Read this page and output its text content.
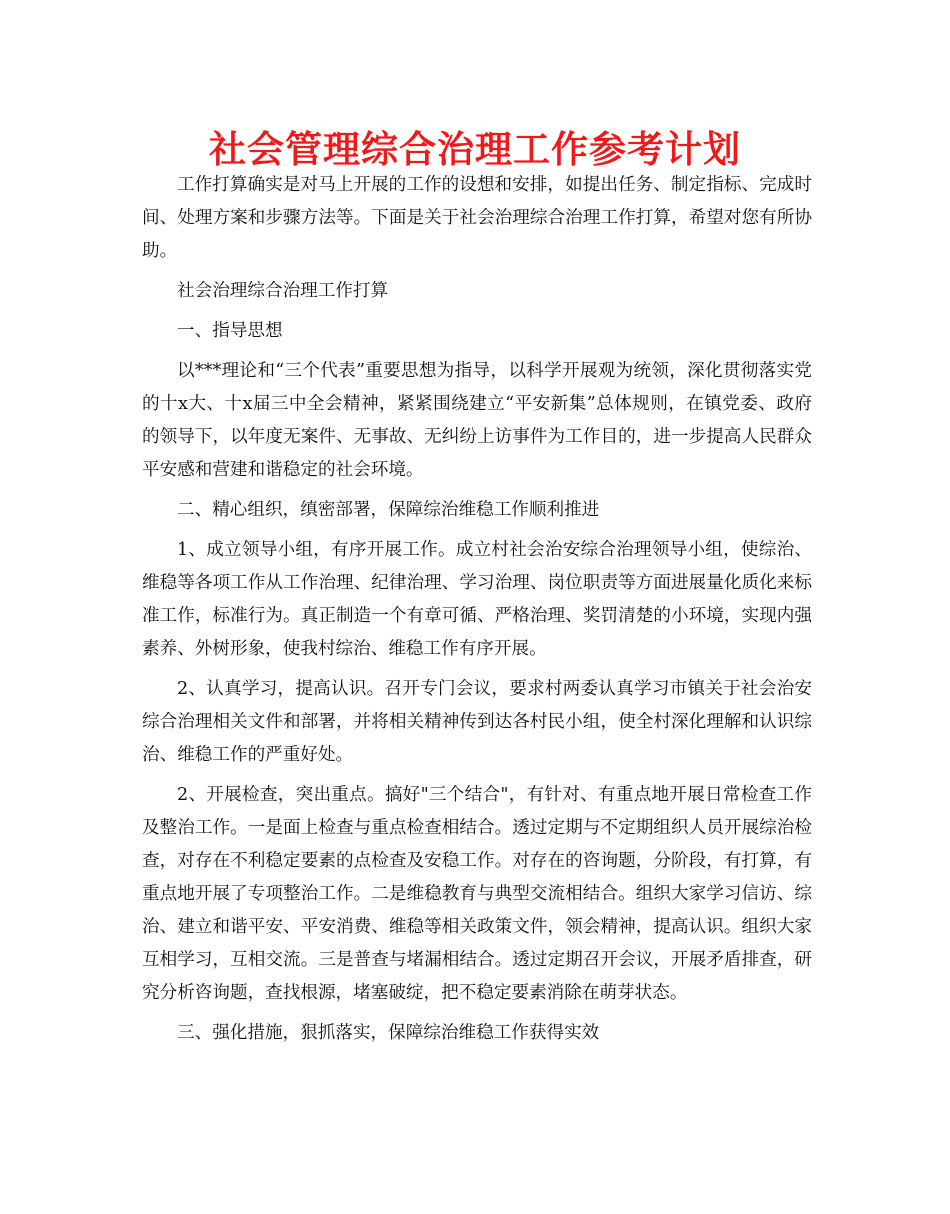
社会管理综合治理工作参考计划

工作打算确实是对马上开展的工作的设想和安排，如提出任务、制定指标、完成时间、处理方案和步骤方法等。下面是关于社会治理综合治理工作打算，希望对您有所协助。

社会治理综合治理工作打算

一、指导思想

以***理论和“三个代表”重要思想为指导，以科学开展观为统领，深化贯彻落实党的十x大、十x届三中全会精神，紧紧围绕建立“平安新集”总体规则，在镇党委、政府的领导下，以年度无案件、无事故、无纠纷上访事件为工作目的，进一步提高人民群众平安感和营建和谐稳定的社会环境。

二、精心组织，缜密部署，保障综治维稳工作顺利推进

1、成立领导小组，有序开展工作。成立村社会治安综合治理领导小组，使综治、维稳等各项工作从工作治理、纪律治理、学习治理、岗位职责等方面进展量化质化来标准工作，标准行为。真正制造一个有章可循、严格治理、奖罚清楚的小环境，实现内强素养、外树形象，使我村综治、维稳工作有序开展。

2、认真学习，提高认识。召开专门会议，要求村两委认真学习市镇关于社会治安综合治理相关文件和部署，并将相关精神传到达各村民小组，使全村深化理解和认识综治、维稳工作的严重好处。

2、开展检查，突出重点。搞好"三个结合"，有针对、有重点地开展日常检查工作及整治工作。一是面上检查与重点检查相结合。透过定期与不定期组织人员开展综治检查，对存在不利稳定要素的点检查及安稳工作。对存在的咨询题，分阶段，有打算，有重点地开展了专项整治工作。二是维稳教育与典型交流相结合。组织大家学习信访、综治、建立和谐平安、平安消费、维稳等相关政策文件，领会精神，提高认识。组织大家互相学习，互相交流。三是普查与堵漏相结合。透过定期召开会议，开展矛盾排查，研究分析咨询题，查找根源，堵塞破绽，把不稳定要素消除在萌芽状态。

三、强化措施，狠抓落实，保障综治维稳工作获得实效
